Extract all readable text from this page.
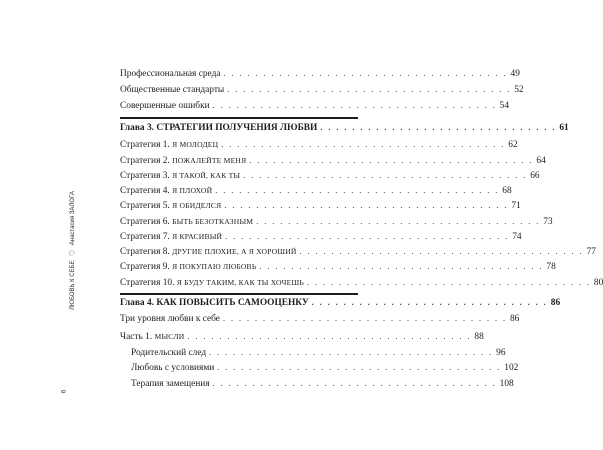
Профессиональная среда . . . . . . . . . . . . . . . . . . . . . . . . . . . . . . . . . . . . 49
Общественные стандарты . . . . . . . . . . . . . . . . . . . . . . . . . . . . . . . . . . . . 52
Совершенные ошибки . . . . . . . . . . . . . . . . . . . . . . . . . . . . . . . . . . . . 54
Глава 3. СТРАТЕГИИ ПОЛУЧЕНИЯ ЛЮБВИ . . . . . . . . . . . . . . . . . . . . . . . . . . . . . . 61
Стратегия 1. Я МОЛОДЕЦ . . . . . . . . . . . . . . . . . . . . . . . . . . . . . . . . . . . . 62
Стратегия 2. ПОЖАЛЕЙТЕ МЕНЯ . . . . . . . . . . . . . . . . . . . . . . . . . . . . . . . . . . . . 64
Стратегия 3. Я ТАКОЙ, КАК ТЫ . . . . . . . . . . . . . . . . . . . . . . . . . . . . . . . . . . . . 66
Стратегия 4. Я ПЛОХОЙ . . . . . . . . . . . . . . . . . . . . . . . . . . . . . . . . . . . . 68
Стратегия 5. Я ОБИДЕЛСЯ . . . . . . . . . . . . . . . . . . . . . . . . . . . . . . . . . . . . 71
Стратегия 6. БЫТЬ БЕЗОТКАЗНЫМ . . . . . . . . . . . . . . . . . . . . . . . . . . . . . . . . . . . . 73
Стратегия 7. Я КРАСИВЫЙ . . . . . . . . . . . . . . . . . . . . . . . . . . . . . . . . . . . . 74
Стратегия 8. ДРУГИЕ ПЛОХИЕ, А Я ХОРОШИЙ . . . . . . . . . . . . . . . . . . . . . . . . . . . . . . . . . . . . 77
Стратегия 9. Я ПОКУПАЮ ЛЮБОВЬ . . . . . . . . . . . . . . . . . . . . . . . . . . . . . . . . . . . . 78
Стратегия 10. Я БУДУ ТАКИМ, КАК ТЫ ХОЧЕШЬ . . . . . . . . . . . . . . . . . . . . . . . . . . . . . . . . . . . . 80
Глава 4. КАК ПОВЫСИТЬ САМООЦЕНКУ . . . . . . . . . . . . . . . . . . . . . . . . . . . . . . 86
Три уровня любви к себе . . . . . . . . . . . . . . . . . . . . . . . . . . . . . . . . . . . . 86
Часть 1. МЫСЛИ . . . . . . . . . . . . . . . . . . . . . . . . . . . . . . . . . . . . 88
Родительский след . . . . . . . . . . . . . . . . . . . . . . . . . . . . . . . . . . . . 96
Любовь с условиями . . . . . . . . . . . . . . . . . . . . . . . . . . . . . . . . . . . . 102
Терапия замещения . . . . . . . . . . . . . . . . . . . . . . . . . . . . . . . . . . . . 108
ЛЮБОВЬ К СЕБЕ
♡
Анастасия ЗАЛОГА
6
